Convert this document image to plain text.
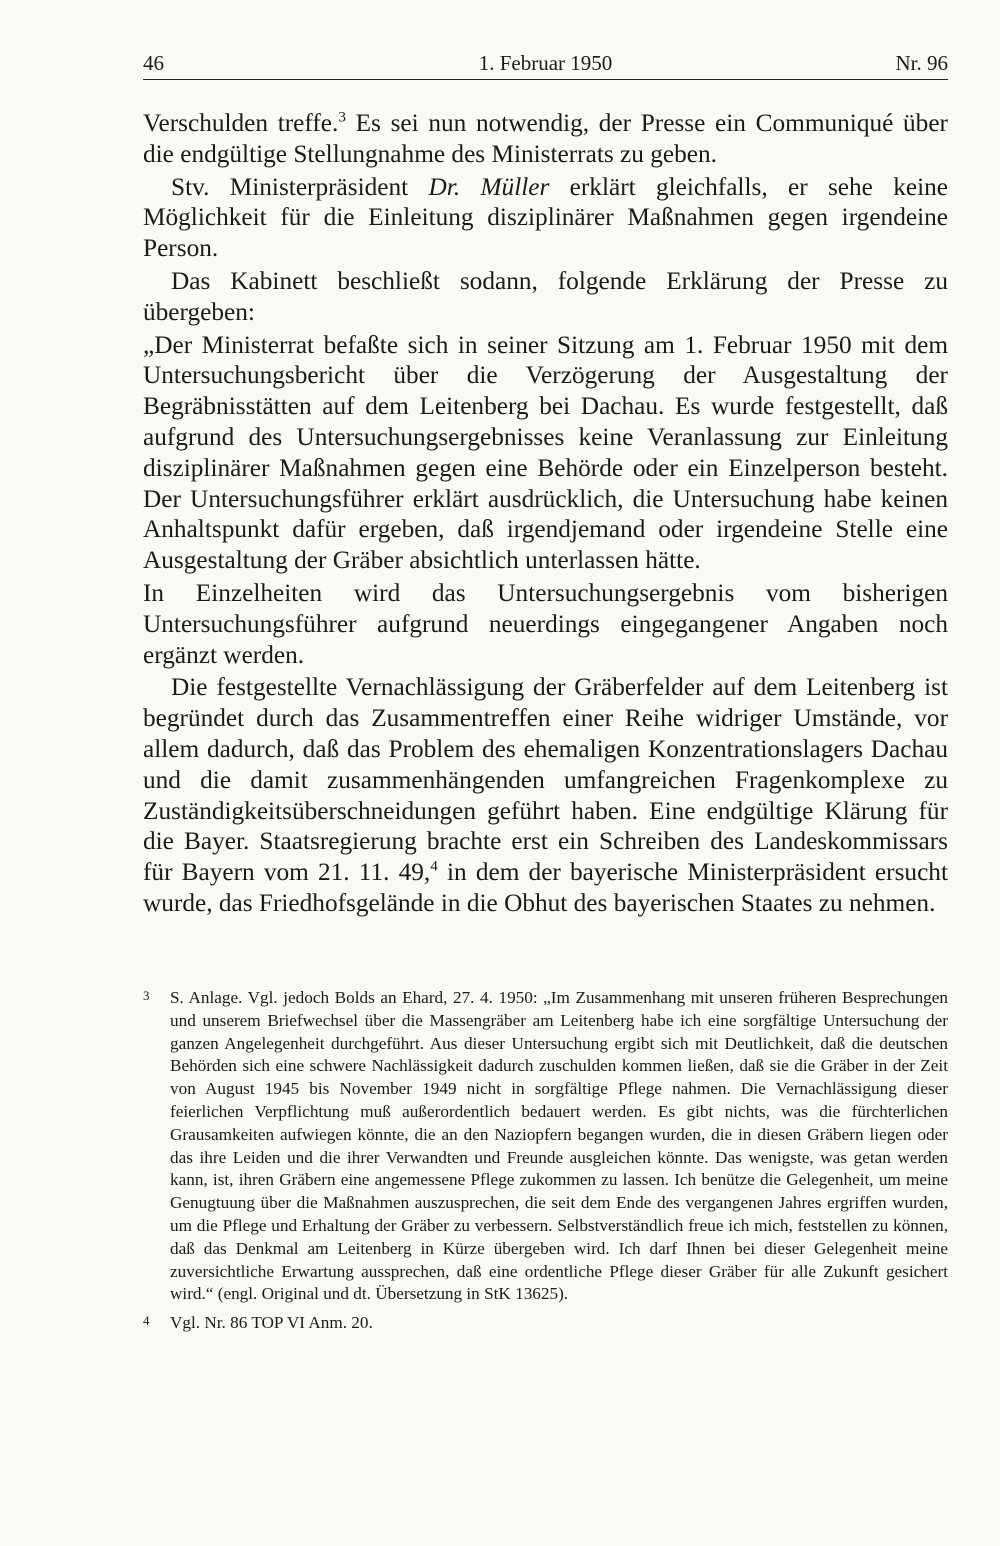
46	1. Februar 1950	Nr. 96

Verschulden treffe.$^3$ Es sei nun notwendig, der Presse ein Communiqué über die endgültige Stellungnahme des Ministerrats zu geben.

Stv. Ministerpräsident Dr. Müller erklärt gleichfalls, er sehe keine Möglichkeit für die Einleitung disziplinärer Maßnahmen gegen irgendeine Person.

Das Kabinett beschließt sodann, folgende Erklärung der Presse zu übergeben:

„Der Ministerrat befaßte sich in seiner Sitzung am 1. Februar 1950 mit dem Untersuchungsbericht über die Verzögerung der Ausgestaltung der Begräbnisstätten auf dem Leitenberg bei Dachau. Es wurde festgestellt, daß aufgrund des Untersuchungsergebnisses keine Veranlassung zur Einleitung disziplinärer Maßnahmen gegen eine Behörde oder ein Einzelperson besteht. Der Untersuchungsführer erklärt ausdrücklich, die Untersuchung habe keinen Anhaltspunkt dafür ergeben, daß irgendjemand oder irgendeine Stelle eine Ausgestaltung der Gräber absichtlich unterlassen hätte.

In Einzelheiten wird das Untersuchungsergebnis vom bisherigen Untersuchungsführer aufgrund neuerdings eingegangener Angaben noch ergänzt werden.

Die festgestellte Vernachlässigung der Gräberfelder auf dem Leitenberg ist begründet durch das Zusammentreffen einer Reihe widriger Umstände, vor allem dadurch, daß das Problem des ehemaligen Konzentrationslagers Dachau und die damit zusammenhängenden umfangreichen Fragenkomplexe zu Zuständigkeitsüberschneidungen geführt haben. Eine endgültige Klärung für die Bayer. Staatsregierung brachte erst ein Schreiben des Landeskommissars für Bayern vom 21. 11. 49,$^4$ in dem der bayerische Ministerpräsident ersucht wurde, das Friedhofsgelände in die Obhut des bayerischen Staates zu nehmen.

3 S. Anlage. Vgl. jedoch Bolds an Ehard, 27. 4. 1950: „Im Zusammenhang mit unseren früheren Besprechungen und unserem Briefwechsel über die Massengräber am Leitenberg habe ich eine sorgfältige Untersuchung der ganzen Angelegenheit durchgeführt. Aus dieser Untersuchung ergibt sich mit Deutlichkeit, daß die deutschen Behörden sich eine schwere Nachlässigkeit dadurch zuschulden kommen ließen, daß sie die Gräber in der Zeit von August 1945 bis November 1949 nicht in sorgfältige Pflege nahmen. Die Vernachlässigung dieser feierlichen Verpflichtung muß außerordentlich bedauert werden. Es gibt nichts, was die fürchterlichen Grausamkeiten aufwiegen könnte, die an den Naziopfern begangen wurden, die in diesen Gräbern liegen oder das ihre Leiden und die ihrer Verwandten und Freunde ausgleichen könnte. Das wenigste, was getan werden kann, ist, ihren Gräbern eine angemessene Pflege zukommen zu lassen. Ich benütze die Gelegenheit, um meine Genugtuung über die Maßnahmen auszusprechen, die seit dem Ende des vergangenen Jahres ergriffen wurden, um die Pflege und Erhaltung der Gräber zu verbessern. Selbstverständlich freue ich mich, feststellen zu können, daß das Denkmal am Leitenberg in Kürze übergeben wird. Ich darf Ihnen bei dieser Gelegenheit meine zuversichtliche Erwartung aussprechen, daß eine ordentliche Pflege dieser Gräber für alle Zukunft gesichert wird.“ (engl. Original und dt. Übersetzung in StK 13625).
4 Vgl. Nr. 86 TOP VI Anm. 20.
